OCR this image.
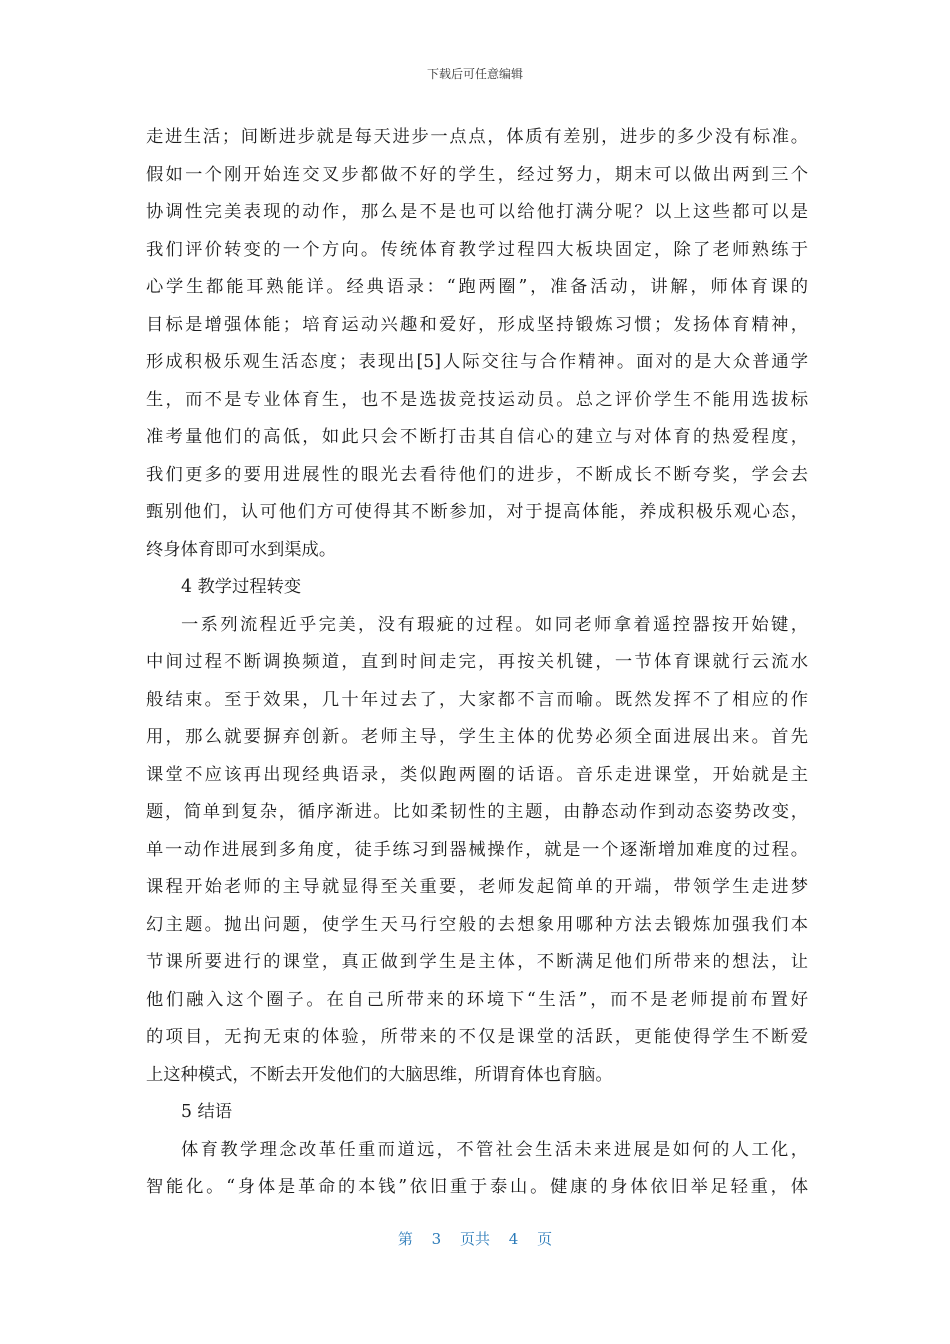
下载后可任意编辑
走进生活；间断进步就是每天进步一点点，体质有差别，进步的多少没有标准。
假如一个刚开始连交叉步都做不好的学生，经过努力，期末可以做出两到三个
协调性完美表现的动作，那么是不是也可以给他打满分呢？以上这些都可以是
我们评价转变的一个方向。传统体育教学过程四大板块固定，除了老师熟练于
心学生都能耳熟能详。经典语录：“跑两圈”，准备活动，讲解，师体育课的
目标是增强体能；培育运动兴趣和爱好，形成坚持锻炼习惯；发扬体育精神，
形成积极乐观生活态度；表现出[5]人际交往与合作精神。面对的是大众普通学
生，而不是专业体育生，也不是选拔竞技运动员。总之评价学生不能用选拔标
准考量他们的高低，如此只会不断打击其自信心的建立与对体育的热爱程度，
我们更多的要用进展性的眼光去看待他们的进步，不断成长不断夸奖，学会去
甄别他们，认可他们方可使得其不断参加，对于提高体能，养成积极乐观心态，
终身体育即可水到渠成。
4 教学过程转变
一系列流程近乎完美，没有瑕疵的过程。如同老师拿着遥控器按开始键，
中间过程不断调换频道，直到时间走完，再按关机键，一节体育课就行云流水
般结束。至于效果，几十年过去了，大家都不言而喻。既然发挥不了相应的作
用，那么就要摒弃创新。老师主导，学生主体的优势必须全面进展出来。首先
课堂不应该再出现经典语录，类似跑两圈的话语。音乐走进课堂，开始就是主
题，简单到复杂，循序渐进。比如柔韧性的主题，由静态动作到动态姿势改变，
单一动作进展到多角度，徒手练习到器械操作，就是一个逐渐增加难度的过程。
课程开始老师的主导就显得至关重要，老师发起简单的开端，带领学生走进梦
幻主题。抛出问题，使学生天马行空般的去想象用哪种方法去锻炼加强我们本
节课所要进行的课堂，真正做到学生是主体，不断满足他们所带来的想法，让
他们融入这个圈子。在自己所带来的环境下“生活”，而不是老师提前布置好
的项目，无拘无束的体验，所带来的不仅是课堂的活跃，更能使得学生不断爱
上这种模式，不断去开发他们的大脑思维，所谓育体也育脑。
5 结语
体育教学理念改革任重而道远，不管社会生活未来进展是如何的人工化，
智能化。“身体是革命的本钱”依旧重于泰山。健康的身体依旧举足轻重，体
第 3 页共 4 页
